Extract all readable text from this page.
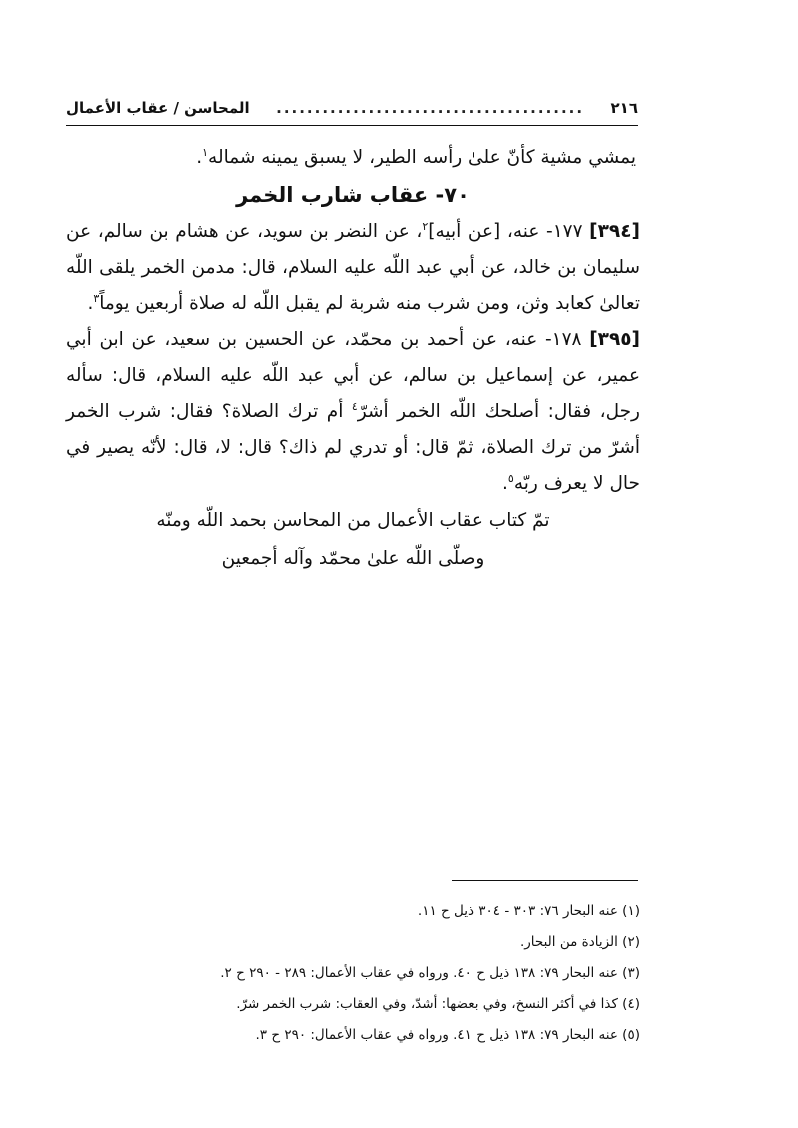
٢١٦
........................................
المحاسن / عقاب الأعمال

يمشي مشية كأنّ علىٰ رأسه الطير، لا يسبق يمينه شماله$^١$.

٧٠- عقاب شارب الخمر

[٣٩٤] ١٧٧- عنه، [عن أبيه]$^٢$، عن النضر بن سويد، عن هشام بن سالم، عن سليمان بن خالد، عن أبي عبد اللّه عليه السلام، قال: مدمن الخمر يلقى اللّه تعالىٰ كعابد وثن، ومن شرب منه شربة لم يقبل اللّه له صلاة أربعين يوماً$^٣$.

[٣٩٥] ١٧٨- عنه، عن أحمد بن محمّد، عن الحسين بن سعيد، عن ابن أبي عمير، عن إسماعيل بن سالم، عن أبي عبد اللّه عليه السلام، قال: سأله رجل، فقال: أصلحك اللّه الخمر أشرّ$^٤$ أم ترك الصلاة؟ فقال: شرب الخمر أشرّ من ترك الصلاة، ثمّ قال: أو تدري لم ذاك؟ قال: لا، قال: لأنّه يصير في حال لا يعرف ربّه$^٥$.

تمّ كتاب عقاب الأعمال من المحاسن بحمد اللّه ومنّه

وصلّى اللّه علىٰ محمّد وآله أجمعين

(١) عنه البحار ٧٦: ٣٠٣ - ٣٠٤ ذيل ح ١١.

(٢) الزيادة من البحار.

(٣) عنه البحار ٧٩: ١٣٨ ذيل ح ٤٠. ورواه في عقاب الأعمال: ٢٨٩ - ٢٩٠ ح ٢.

(٤) كذا في أكثر النسخ، وفي بعضها: أشدّ، وفي العقاب: شرب الخمر شرّ.

(٥) عنه البحار ٧٩: ١٣٨ ذيل ح ٤١. ورواه في عقاب الأعمال: ٢٩٠ ح ٣.
